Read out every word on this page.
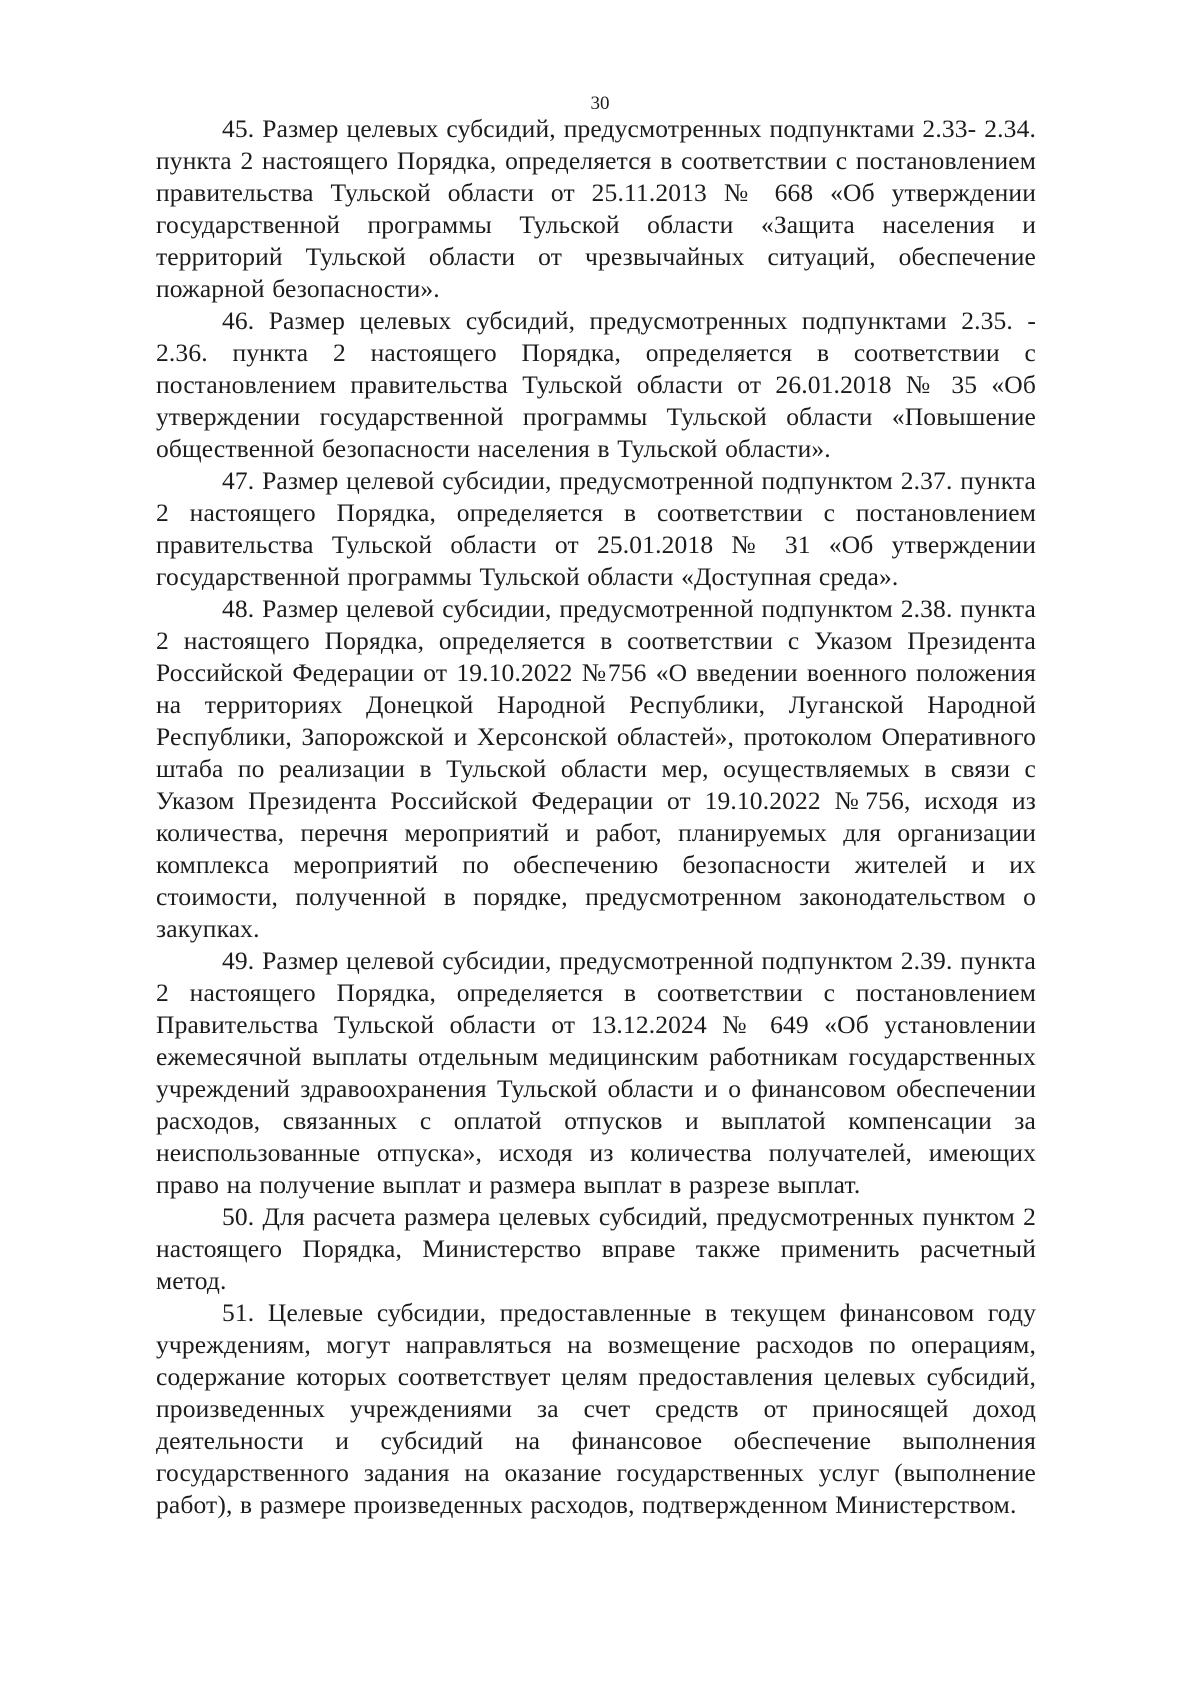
30

45. Размер целевых субсидий, предусмотренных подпунктами 2.33- 2.34. пункта 2 настоящего Порядка, определяется в соответствии с постановлением правительства Тульской области от 25.11.2013 № 668 «Об утверждении государственной программы Тульской области «Защита населения и территорий Тульской области от чрезвычайных ситуаций, обеспечение пожарной безопасности».

46. Размер целевых субсидий, предусмотренных подпунктами 2.35. - 2.36. пункта 2 настоящего Порядка, определяется в соответствии с постановлением правительства Тульской области от 26.01.2018 № 35 «Об утверждении государственной программы Тульской области «Повышение общественной безопасности населения в Тульской области».

47. Размер целевой субсидии, предусмотренной подпунктом 2.37. пункта 2 настоящего Порядка, определяется в соответствии с постановлением правительства Тульской области от 25.01.2018 № 31 «Об утверждении государственной программы Тульской области «Доступная среда».

48. Размер целевой субсидии, предусмотренной подпунктом 2.38. пункта 2 настоящего Порядка, определяется в соответствии с Указом Президента Российской Федерации от 19.10.2022 №756 «О введении военного положения на территориях Донецкой Народной Республики, Луганской Народной Республики, Запорожской и Херсонской областей», протоколом Оперативного штаба по реализации в Тульской области мер, осуществляемых в связи с Указом Президента Российской Федерации от 19.10.2022 №756, исходя из количества, перечня мероприятий и работ, планируемых для организации комплекса мероприятий по обеспечению безопасности жителей и их стоимости, полученной в порядке, предусмотренном законодательством о закупках.

49. Размер целевой субсидии, предусмотренной подпунктом 2.39. пункта 2 настоящего Порядка, определяется в соответствии с постановлением Правительства Тульской области от 13.12.2024 № 649 «Об установлении ежемесячной выплаты отдельным медицинским работникам государственных учреждений здравоохранения Тульской области и о финансовом обеспечении расходов, связанных с оплатой отпусков и выплатой компенсации за неиспользованные отпуска», исходя из количества получателей, имеющих право на получение выплат и размера выплат в разрезе выплат.

50. Для расчета размера целевых субсидий, предусмотренных пунктом 2 настоящего Порядка, Министерство вправе также применить расчетный метод.

51. Целевые субсидии, предоставленные в текущем финансовом году учреждениям, могут направляться на возмещение расходов по операциям, содержание которых соответствует целям предоставления целевых субсидий, произведенных учреждениями за счет средств от приносящей доход деятельности и субсидий на финансовое обеспечение выполнения государственного задания на оказание государственных услуг (выполнение работ), в размере произведенных расходов, подтвержденном Министерством.
